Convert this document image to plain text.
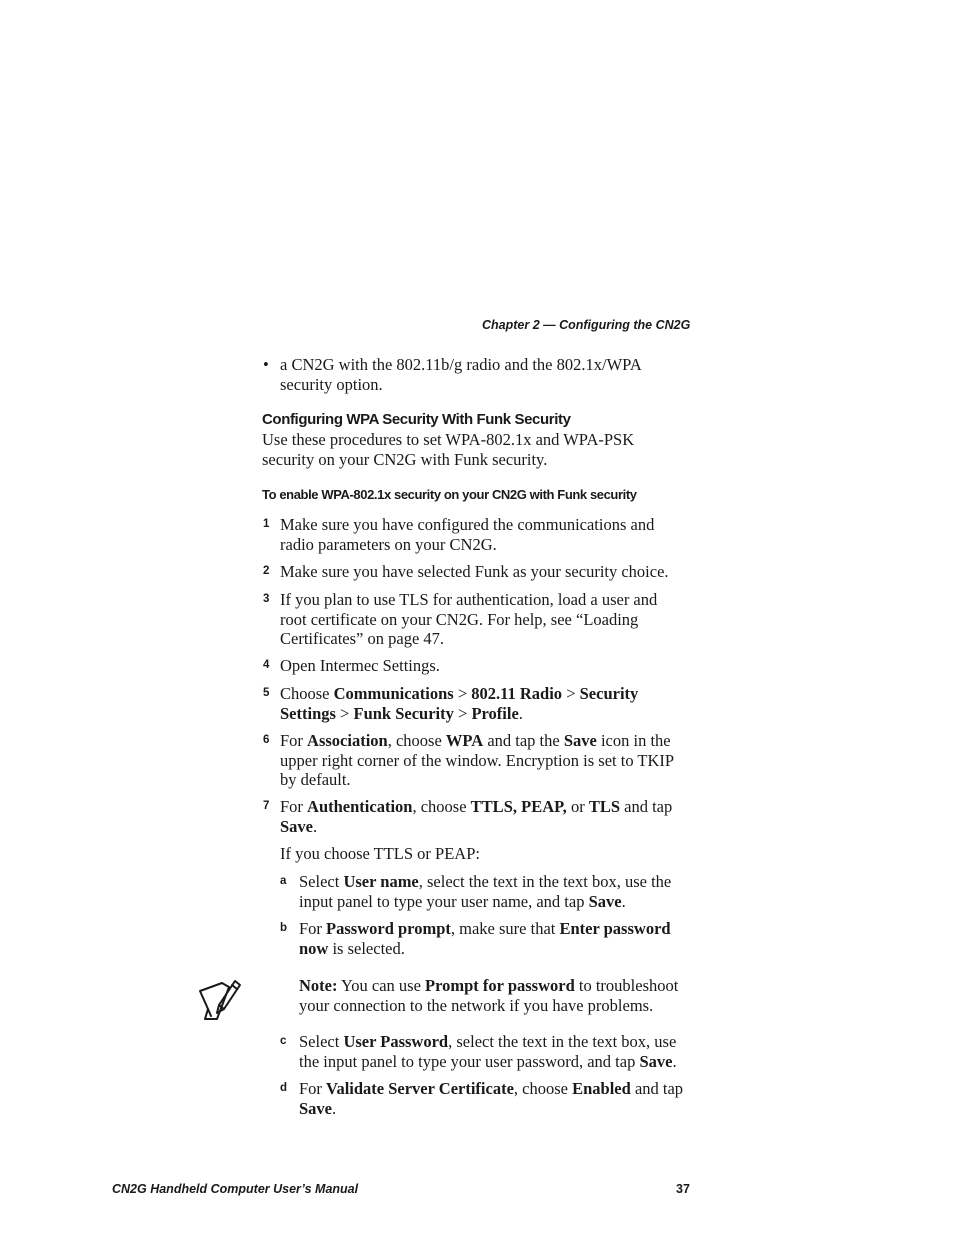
Chapter 2 — Configuring the CN2G
• a CN2G with the 802.11b/g radio and the 802.1x/WPA
security option.
Configuring WPA Security With Funk Security
Use these procedures to set WPA-802.1x and WPA-PSK
security on your CN2G with Funk security.
To enable WPA-802.1x security on your CN2G with Funk security
1 Make sure you have configured the communications and
radio parameters on your CN2G.
2 Make sure you have selected Funk as your security choice.
3 If you plan to use TLS for authentication, load a user and
root certificate on your CN2G. For help, see “Loading
Certificates” on page 47.
4 Open Intermec Settings.
5 Choose Communications > 802.11 Radio > Security
Settings > Funk Security > Profile.
6 For Association, choose WPA and tap the Save icon in the
upper right corner of the window. Encryption is set to TKIP
by default.
7 For Authentication, choose TTLS, PEAP, or TLS and tap
Save.
If you choose TTLS or PEAP:
a Select User name, select the text in the text box, use the
input panel to type your user name, and tap Save.
b For Password prompt, make sure that Enter password
now is selected.
Note: You can use Prompt for password to troubleshoot
your connection to the network if you have problems.
c Select User Password, select the text in the text box, use
the input panel to type your user password, and tap Save.
d For Validate Server Certificate, choose Enabled and tap
Save.
CN2G Handheld Computer User’s Manual	37
